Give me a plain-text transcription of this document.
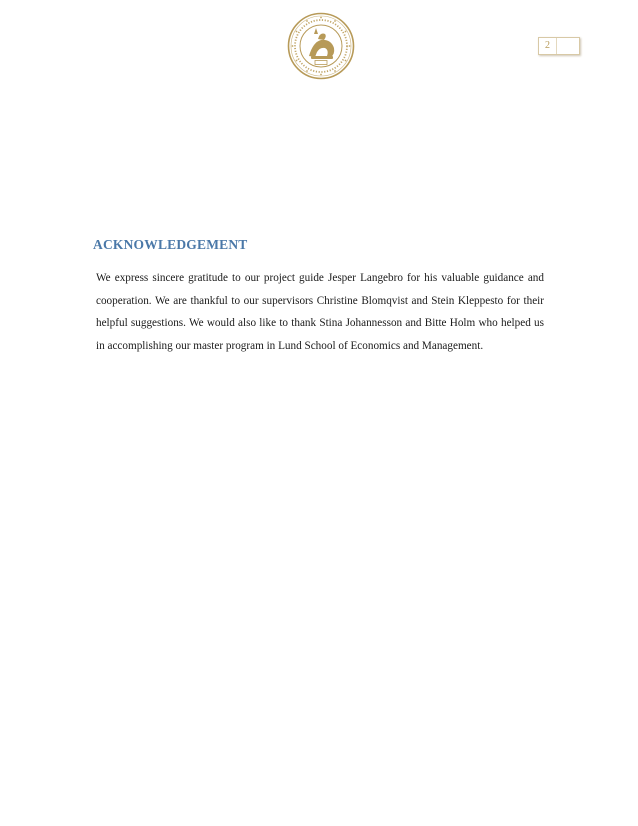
2
ACKNOWLEDGEMENT

We express sincere gratitude to our project guide Jesper Langebro for his valuable guidance and cooperation. We are thankful to our supervisors Christine Blomqvist and Stein Kleppesto for their helpful suggestions. We would also like to thank Stina Johannesson and Bitte Holm who helped us in accomplishing our master program in Lund School of Economics and Management.
